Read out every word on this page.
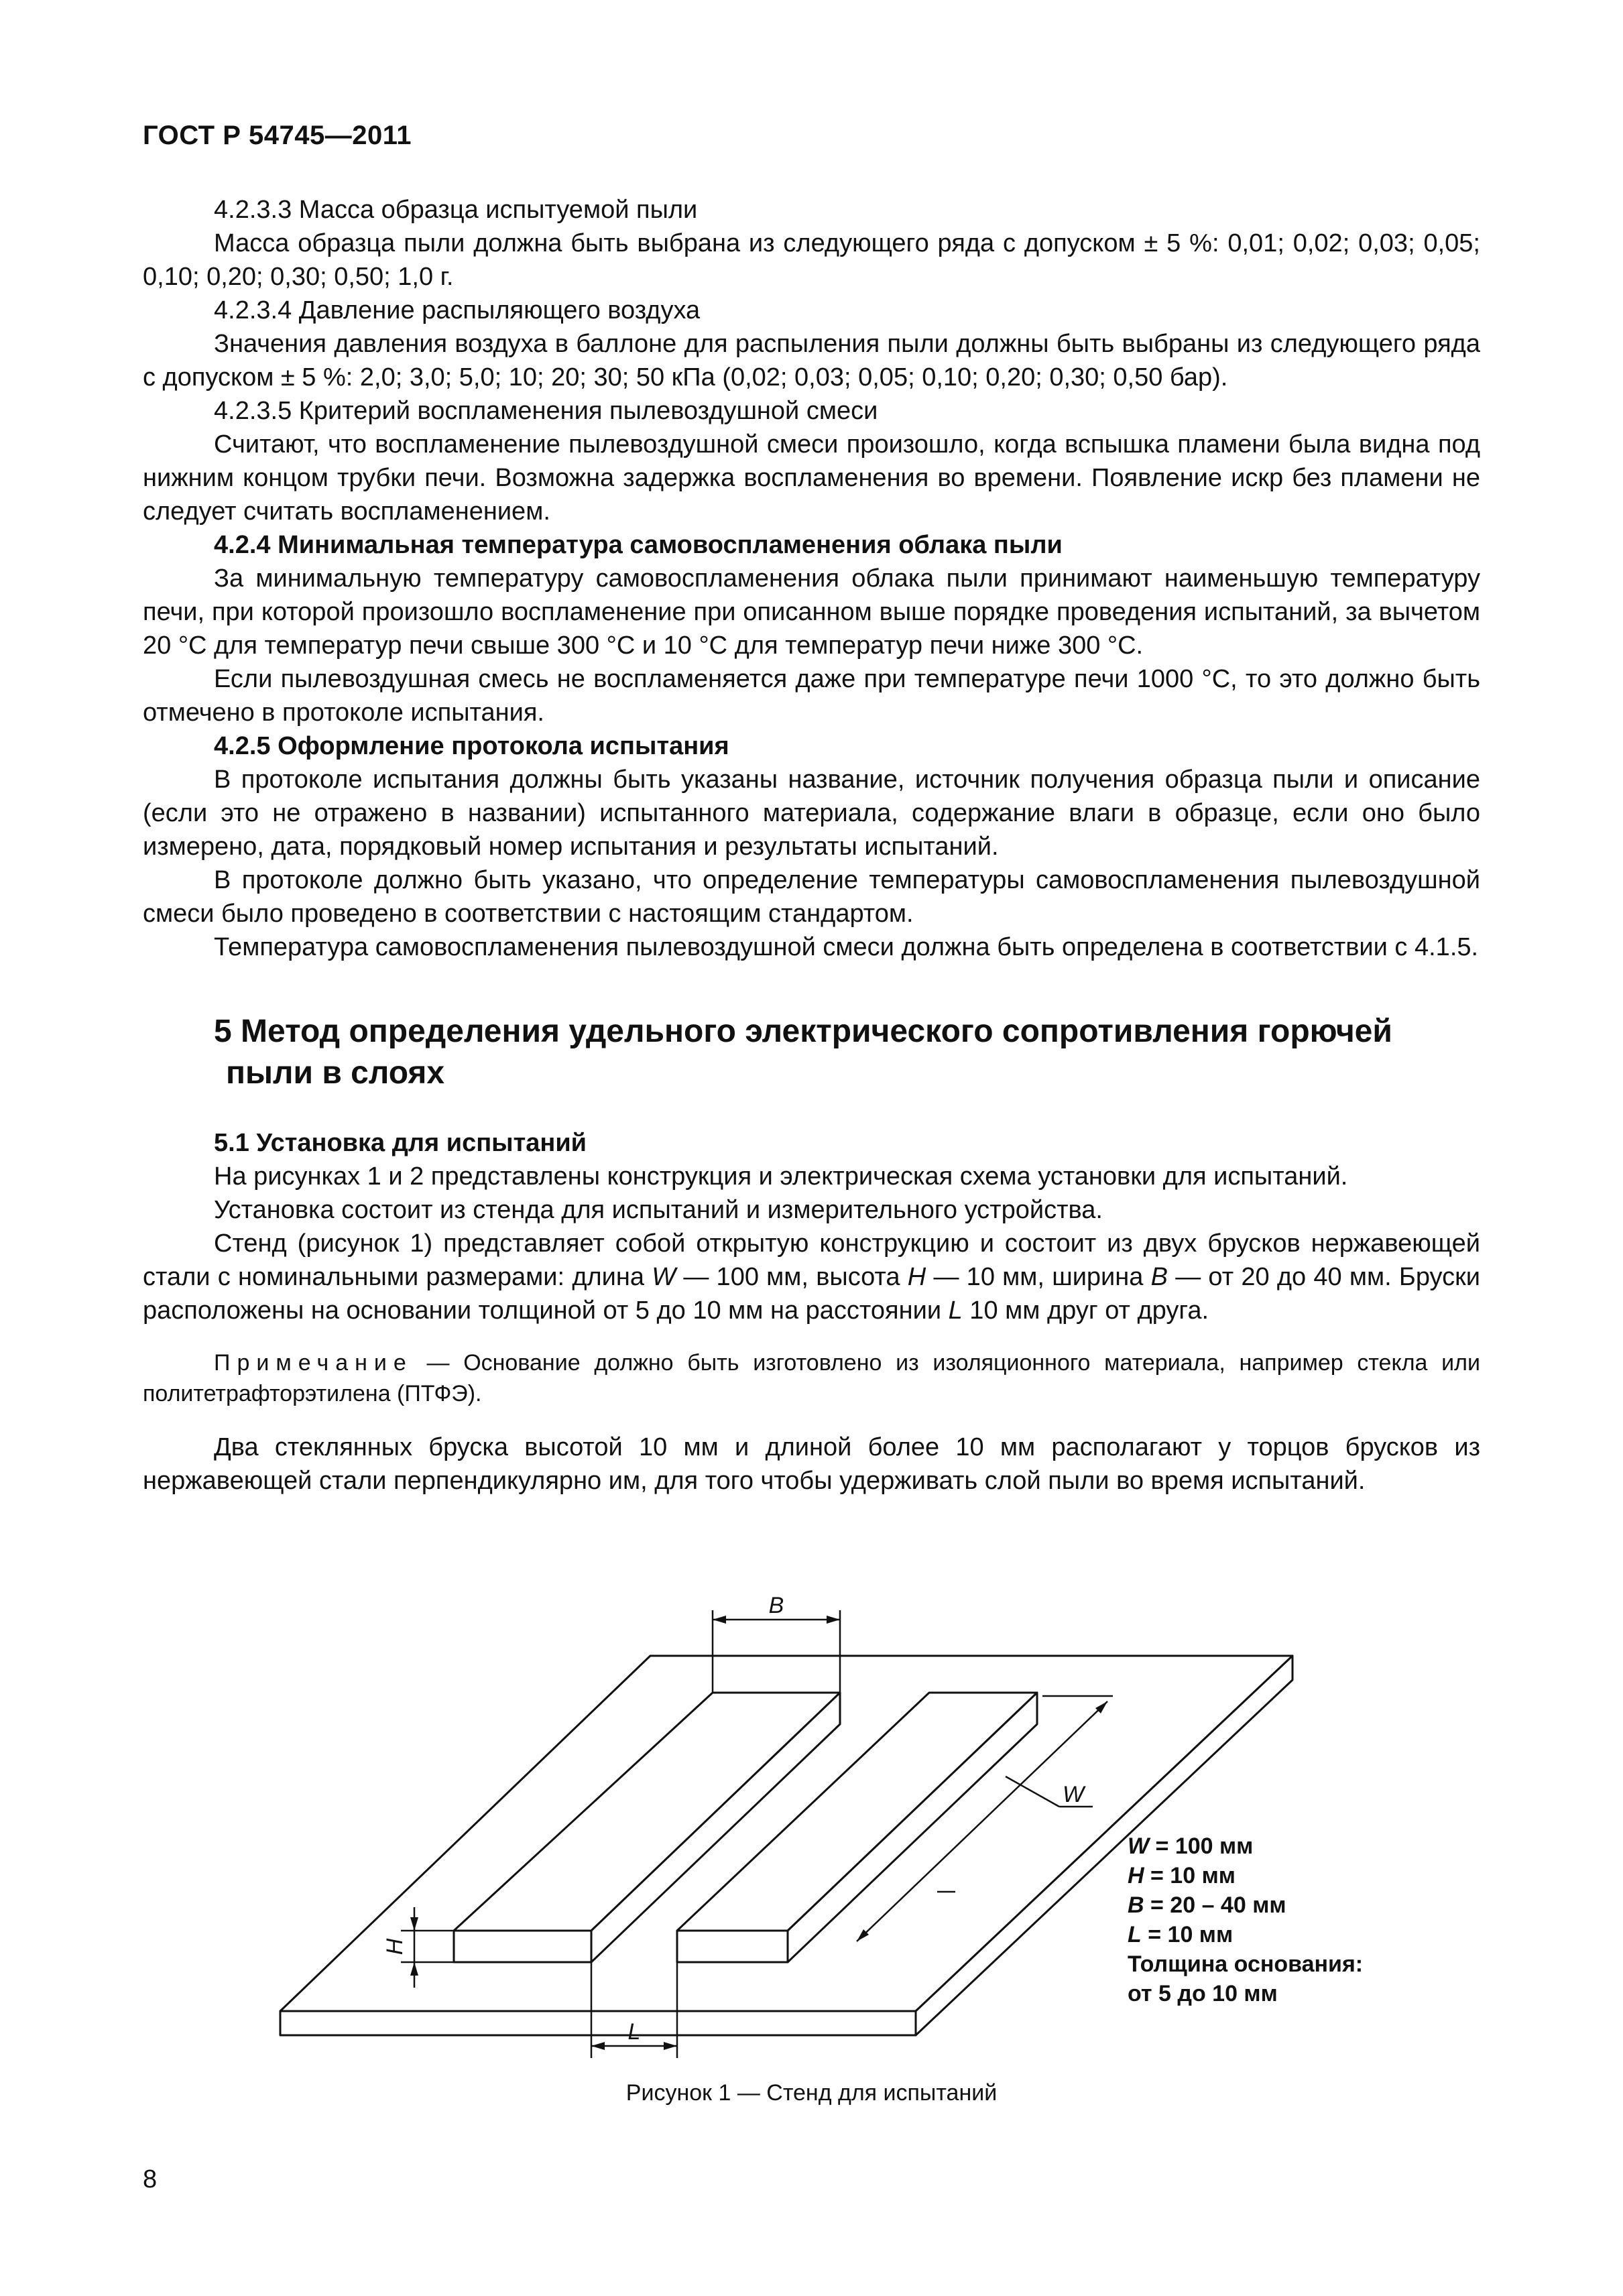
ГОСТ Р 54745—2011

4.2.3.3 Масса образца испытуемой пыли

Масса образца пыли должна быть выбрана из следующего ряда с допуском ± 5 %: 0,01; 0,02; 0,03; 0,05; 0,10; 0,20; 0,30; 0,50; 1,0 г.

4.2.3.4 Давление распыляющего воздуха

Значения давления воздуха в баллоне для распыления пыли должны быть выбраны из следующего ряда с допуском ± 5 %: 2,0; 3,0; 5,0; 10; 20; 30; 50 кПа (0,02; 0,03; 0,05; 0,10; 0,20; 0,30; 0,50 бар).

4.2.3.5 Критерий воспламенения пылевоздушной смеси

Считают, что воспламенение пылевоздушной смеси произошло, когда вспышка пламени была видна под нижним концом трубки печи. Возможна задержка воспламенения во времени. Появление искр без пламени не следует считать воспламенением.

4.2.4 Минимальная температура самовоспламенения облака пыли

За минимальную температуру самовоспламенения облака пыли принимают наименьшую температуру печи, при которой произошло воспламенение при описанном выше порядке проведения испытаний, за вычетом 20 °С для температур печи свыше 300 °С и 10 °С для температур печи ниже 300 °С.

Если пылевоздушная смесь не воспламеняется даже при температуре печи 1000 °С, то это должно быть отмечено в протоколе испытания.

4.2.5 Оформление протокола испытания

В протоколе испытания должны быть указаны название, источник получения образца пыли и описание (если это не отражено в названии) испытанного материала, содержание влаги в образце, если оно было измерено, дата, порядковый номер испытания и результаты испытаний.

В протоколе должно быть указано, что определение температуры самовоспламенения пылевоздушной смеси было проведено в соответствии с настоящим стандартом.

Температура самовоспламенения пылевоздушной смеси должна быть определена в соответствии с 4.1.5.

5 Метод определения удельного электрического сопротивления горючей

пыли в слоях

5.1 Установка для испытаний

На рисунках 1 и 2 представлены конструкция и электрическая схема установки для испытаний.

Установка состоит из стенда для испытаний и измерительного устройства.

Стенд (рисунок 1) представляет собой открытую конструкцию и состоит из двух брусков нержавеющей стали с номинальными размерами: длина W — 100 мм, высота H — 10 мм, ширина B — от 20 до 40 мм. Бруски расположены на основании толщиной от 5 до 10 мм на расстоянии L 10 мм друг от друга.

Примечание — Основание должно быть изготовлено из изоляционного материала, например стекла или политетрафторэтилена (ПТФЭ).

Два стеклянных бруска высотой 10 мм и длиной более 10 мм располагают у торцов брусков из нержавеющей стали перпендикулярно им, для того чтобы удерживать слой пыли во время испытаний.

B
W
H
L
W = 100 мм
H = 10 мм
B = 20 – 40 мм
L = 10 мм
Толщина основания:
от 5 до 10 мм
Рисунок 1 — Стенд для испытаний
8
